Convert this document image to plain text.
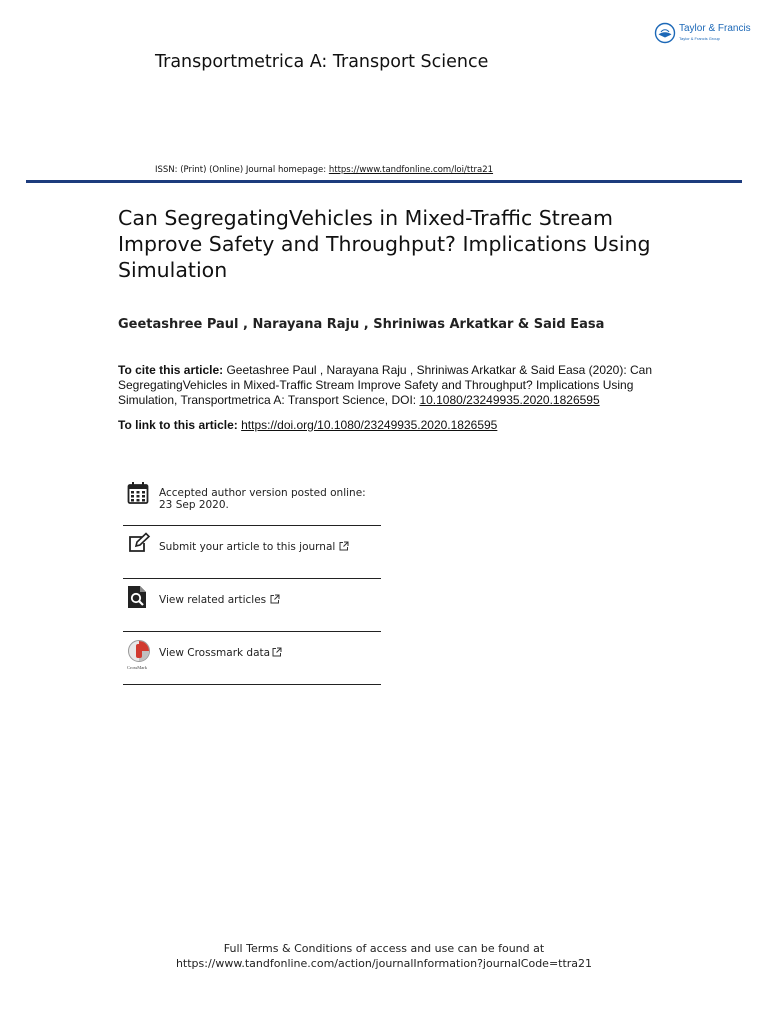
Taylor & Francis
Taylor & Francis Group
Transportmetrica A: Transport Science
ISSN: (Print) (Online) Journal homepage: https://www.tandfonline.com/loi/ttra21
Can SegregatingVehicles in Mixed-Traffic Stream Improve Safety and Throughput? Implications Using Simulation
Geetashree Paul , Narayana Raju , Shriniwas Arkatkar & Said Easa
To cite this article: Geetashree Paul , Narayana Raju , Shriniwas Arkatkar & Said Easa (2020): Can SegregatingVehicles in Mixed-Traffic Stream Improve Safety and Throughput? Implications Using Simulation, Transportmetrica A: Transport Science, DOI: 10.1080/23249935.2020.1826595
To link to this article: https://doi.org/10.1080/23249935.2020.1826595
Accepted author version posted online: 23 Sep 2020.
Submit your article to this journal
View related articles
CrossMark
View Crossmark data
Full Terms & Conditions of access and use can be found at
https://www.tandfonline.com/action/journalInformation?journalCode=ttra21
